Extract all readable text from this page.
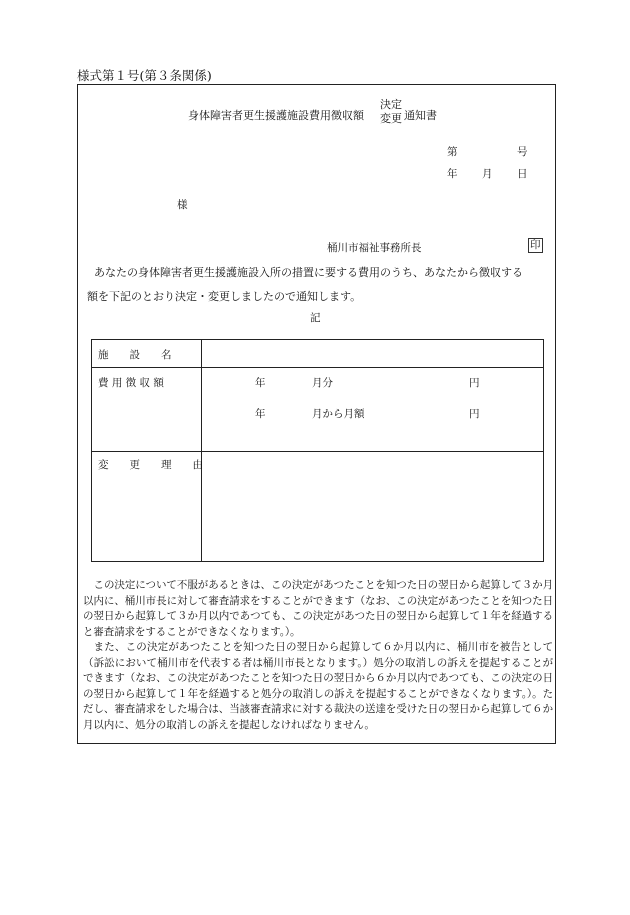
様式第１号(第３条関係)
身体障害者更生援護施設費用徴収額
決定
変更 通知書
第	号
年 月 日
様
桶川市福祉事務所長	印
あなたの身体障害者更生援護施設入所の措置に要する費用のうち、あなたから徴収する
額を下記のとおり決定・変更しましたので通知します。
記
施　　設　　名
費 用 徴 収 額	年	月分	円
年	月から月額	円
変　　更　　理　　由

この決定について不服があるときは、この決定があつたことを知つた日の翌日から起算して３か月以内に、桶川市長に対して審査請求をすることができます（なお、この決定があつたことを知つた日の翌日から起算して３か月以内であつても、この決定があつた日の翌日から起算して１年を経過すると審査請求をすることができなくなります。）。

また、この決定があつたことを知つた日の翌日から起算して６か月以内に、桶川市を被告として（訴訟において桶川市を代表する者は桶川市長となります。）処分の取消しの訴えを提起することができます（なお、この決定があつたことを知つた日の翌日から６か月以内であつても、この決定の日の翌日から起算して１年を経過すると処分の取消しの訴えを提起することができなくなります。）。ただし、審査請求をした場合は、当該審査請求に対する裁決の送達を受けた日の翌日から起算して６か月以内に、処分の取消しの訴えを提起しなければなりません。
